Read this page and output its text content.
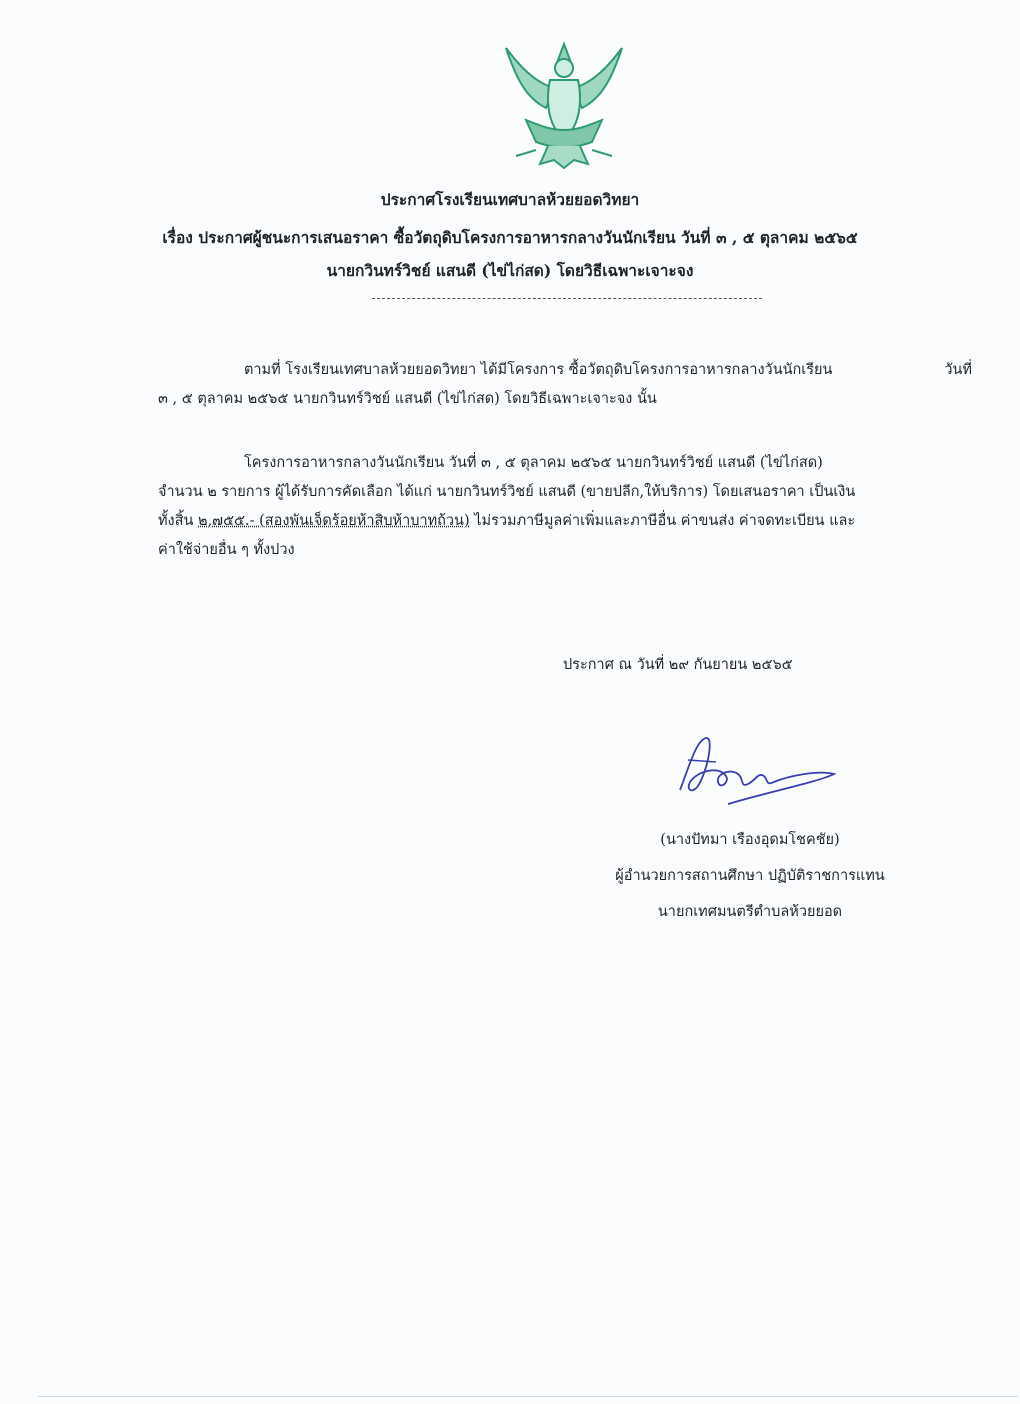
ประกาศโรงเรียนเทศบาลห้วยยอดวิทยา
เรื่อง ประกาศผู้ชนะการเสนอราคา ซื้อวัตถุดิบโครงการอาหารกลางวันนักเรียน วันที่ ๓ , ๕ ตุลาคม ๒๕๖๕
นายกวินทร์วิชย์ แสนดี (ไข่ไก่สด) โดยวิธีเฉพาะเจาะจง

ตามที่ โรงเรียนเทศบาลห้วยยอดวิทยา ได้มีโครงการ ซื้อวัตถุดิบโครงการอาหารกลางวันนักเรียน	วันที่

๓ , ๕ ตุลาคม ๒๕๖๕ นายกวินทร์วิชย์ แสนดี (ไข่ไก่สด) โดยวิธีเฉพาะเจาะจง นั้น

โครงการอาหารกลางวันนักเรียน วันที่ ๓ , ๕ ตุลาคม ๒๕๖๕ นายกวินทร์วิชย์ แสนดี (ไข่ไก่สด)

จำนวน ๒ รายการ ผู้ได้รับการคัดเลือก ได้แก่ นายกวินทร์วิชย์ แสนดี (ขายปลีก,ให้บริการ) โดยเสนอราคา เป็นเงิน

ทั้งสิ้น ๒,๗๕๕.- (สองพันเจ็ดร้อยห้าสิบห้าบาทถ้วน) ไม่รวมภาษีมูลค่าเพิ่มและภาษีอื่น ค่าขนส่ง ค่าจดทะเบียน และ

ค่าใช้จ่ายอื่น ๆ ทั้งปวง

ประกาศ ณ วันที่ ๒๙ กันยายน ๒๕๖๕
(นางปัทมา เรืองอุดมโชคชัย)
ผู้อำนวยการสถานศึกษา ปฏิบัติราชการแทน
นายกเทศมนตรีตำบลห้วยยอด
